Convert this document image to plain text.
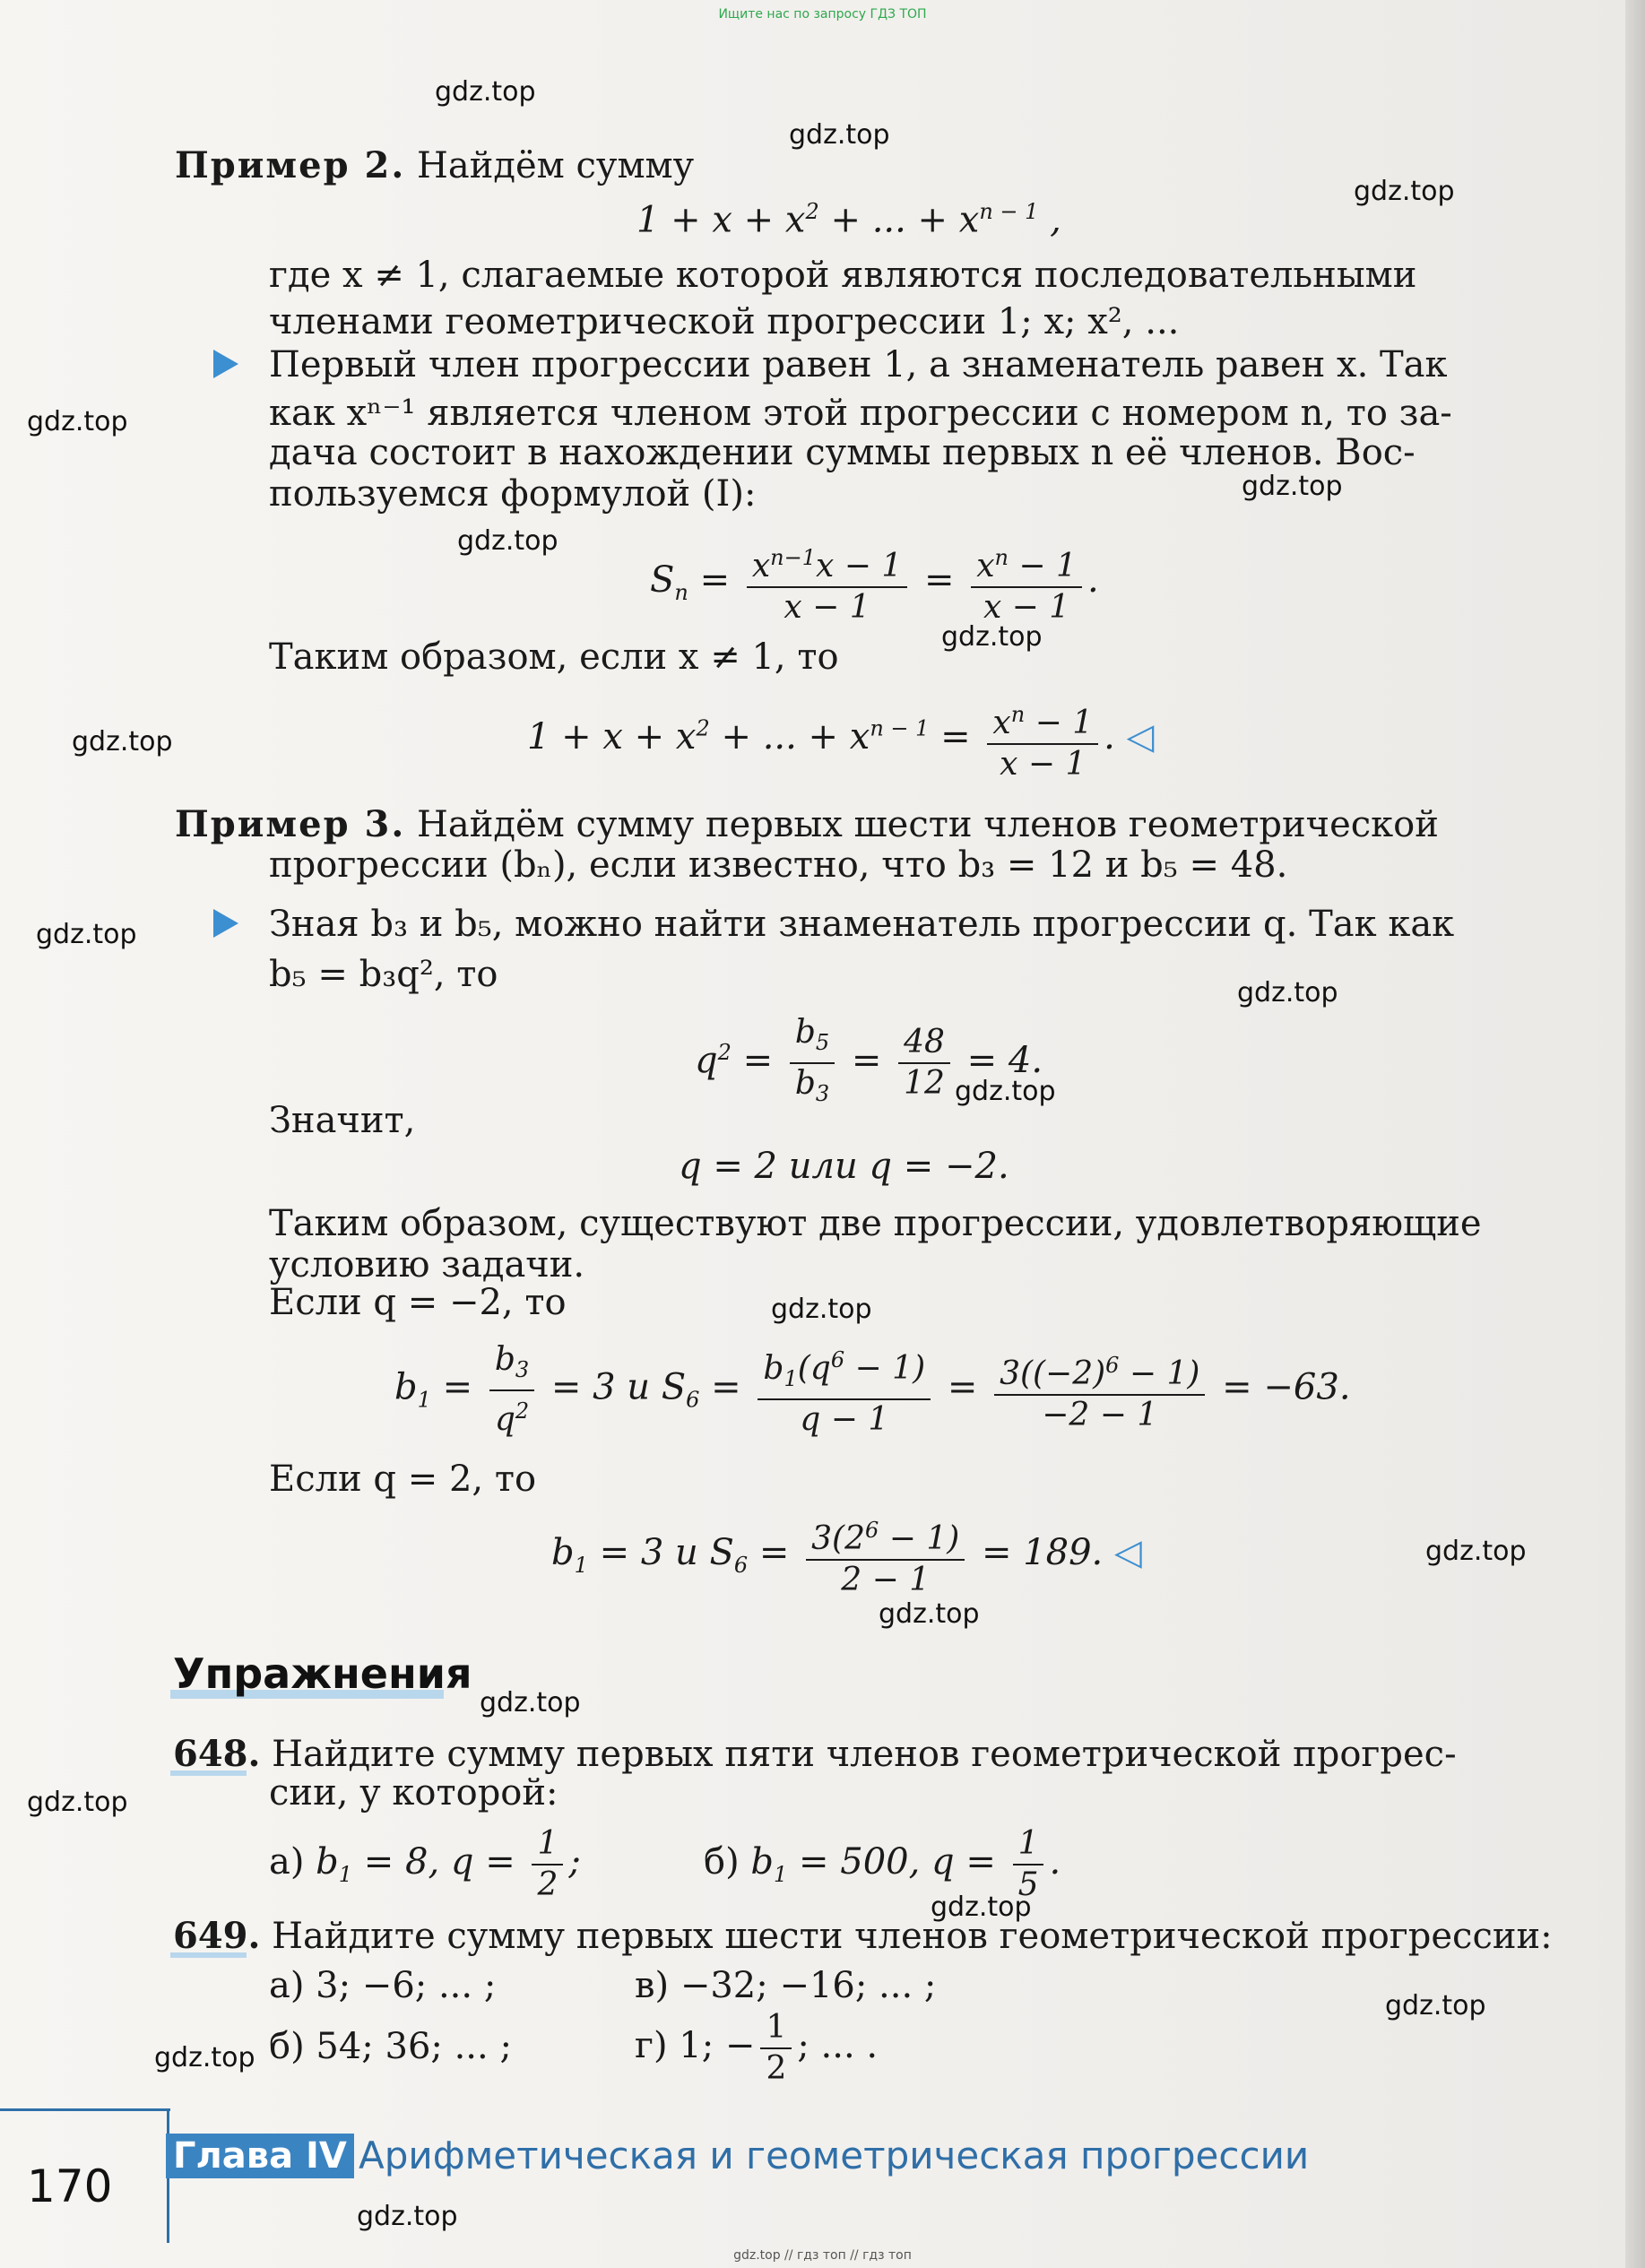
Ищите нас по запросу ГДЗ ТОП
gdz.top
gdz.top
gdz.top
gdz.top
gdz.top
gdz.top
gdz.top
gdz.top
gdz.top
gdz.top
gdz.top
gdz.top
gdz.top
gdz.top
gdz.top
gdz.top
gdz.top
gdz.top
gdz.top
gdz.top
Пример 2. Найдём сумму
$1 + x + x^2$ + ... + $x^{n - 1}$ ,
где x ≠ 1, слагаемые которой являются последовательными
членами геометрической прогрессии 1; x; x², ...
Первый член прогрессии равен 1, а знаменатель равен x. Так
как xⁿ⁻¹ является членом этой прогрессии с номером n, то за-
дача состоит в нахождении суммы первых n её членов. Вос-
пользуемся формулой (I):
$S_n = \frac{x^{n-1}x - 1}{x - 1} = \frac{x^n - 1}{x - 1}$ .
Таким образом, если x ≠ 1, то
$1 + x + x^2$ + ... + $x^{n - 1} = \frac{x^n - 1}{x - 1}$ . ◁
Пример 3. Найдём сумму первых шести членов геометрической
прогрессии (bₙ), если известно, что b₃ = 12 и b₅ = 48.
Зная b₃ и b₅, можно найти знаменатель прогрессии q. Так как
b₅ = b₃q², то
$q^2 = \frac{b_5}{b_3} = \frac{48}{12} = 4$.
Значит,
q = 2 или q = −2.
Таким образом, существуют две прогрессии, удовлетворяющие
условию задачи.
Если q = −2, то
$b_1 = \frac{b_3}{q^2} = 3$ и $S_6 = \frac{b_1(q^6 - 1)}{q - 1} = \frac{3((-2)^6 - 1)}{-2 - 1} = -63$.
Если q = 2, то
$b_1 = 3$ и $S_6 = \frac{3(2^6 - 1)}{2 - 1} = 189$. ◁
Упражнения
648. Найдите сумму первых пяти членов геометрической прогрес-
сии, у которой:
а) $b_1 = 8$, $q = \frac{1}{2}$ ;	б) $b_1 = 500$, $q = \frac{1}{5}$ .
649. Найдите сумму первых шести членов геометрической прогрессии:
а) 3; −6; ... ;	в) −32; −16; ... ;
б) 54; 36; ... ;	г) 1; − $\frac{1}{2}$ ; ... .
Глава IV Арифметическая и геометрическая прогрессии
170
gdz.top // гдз топ // гдз топ
